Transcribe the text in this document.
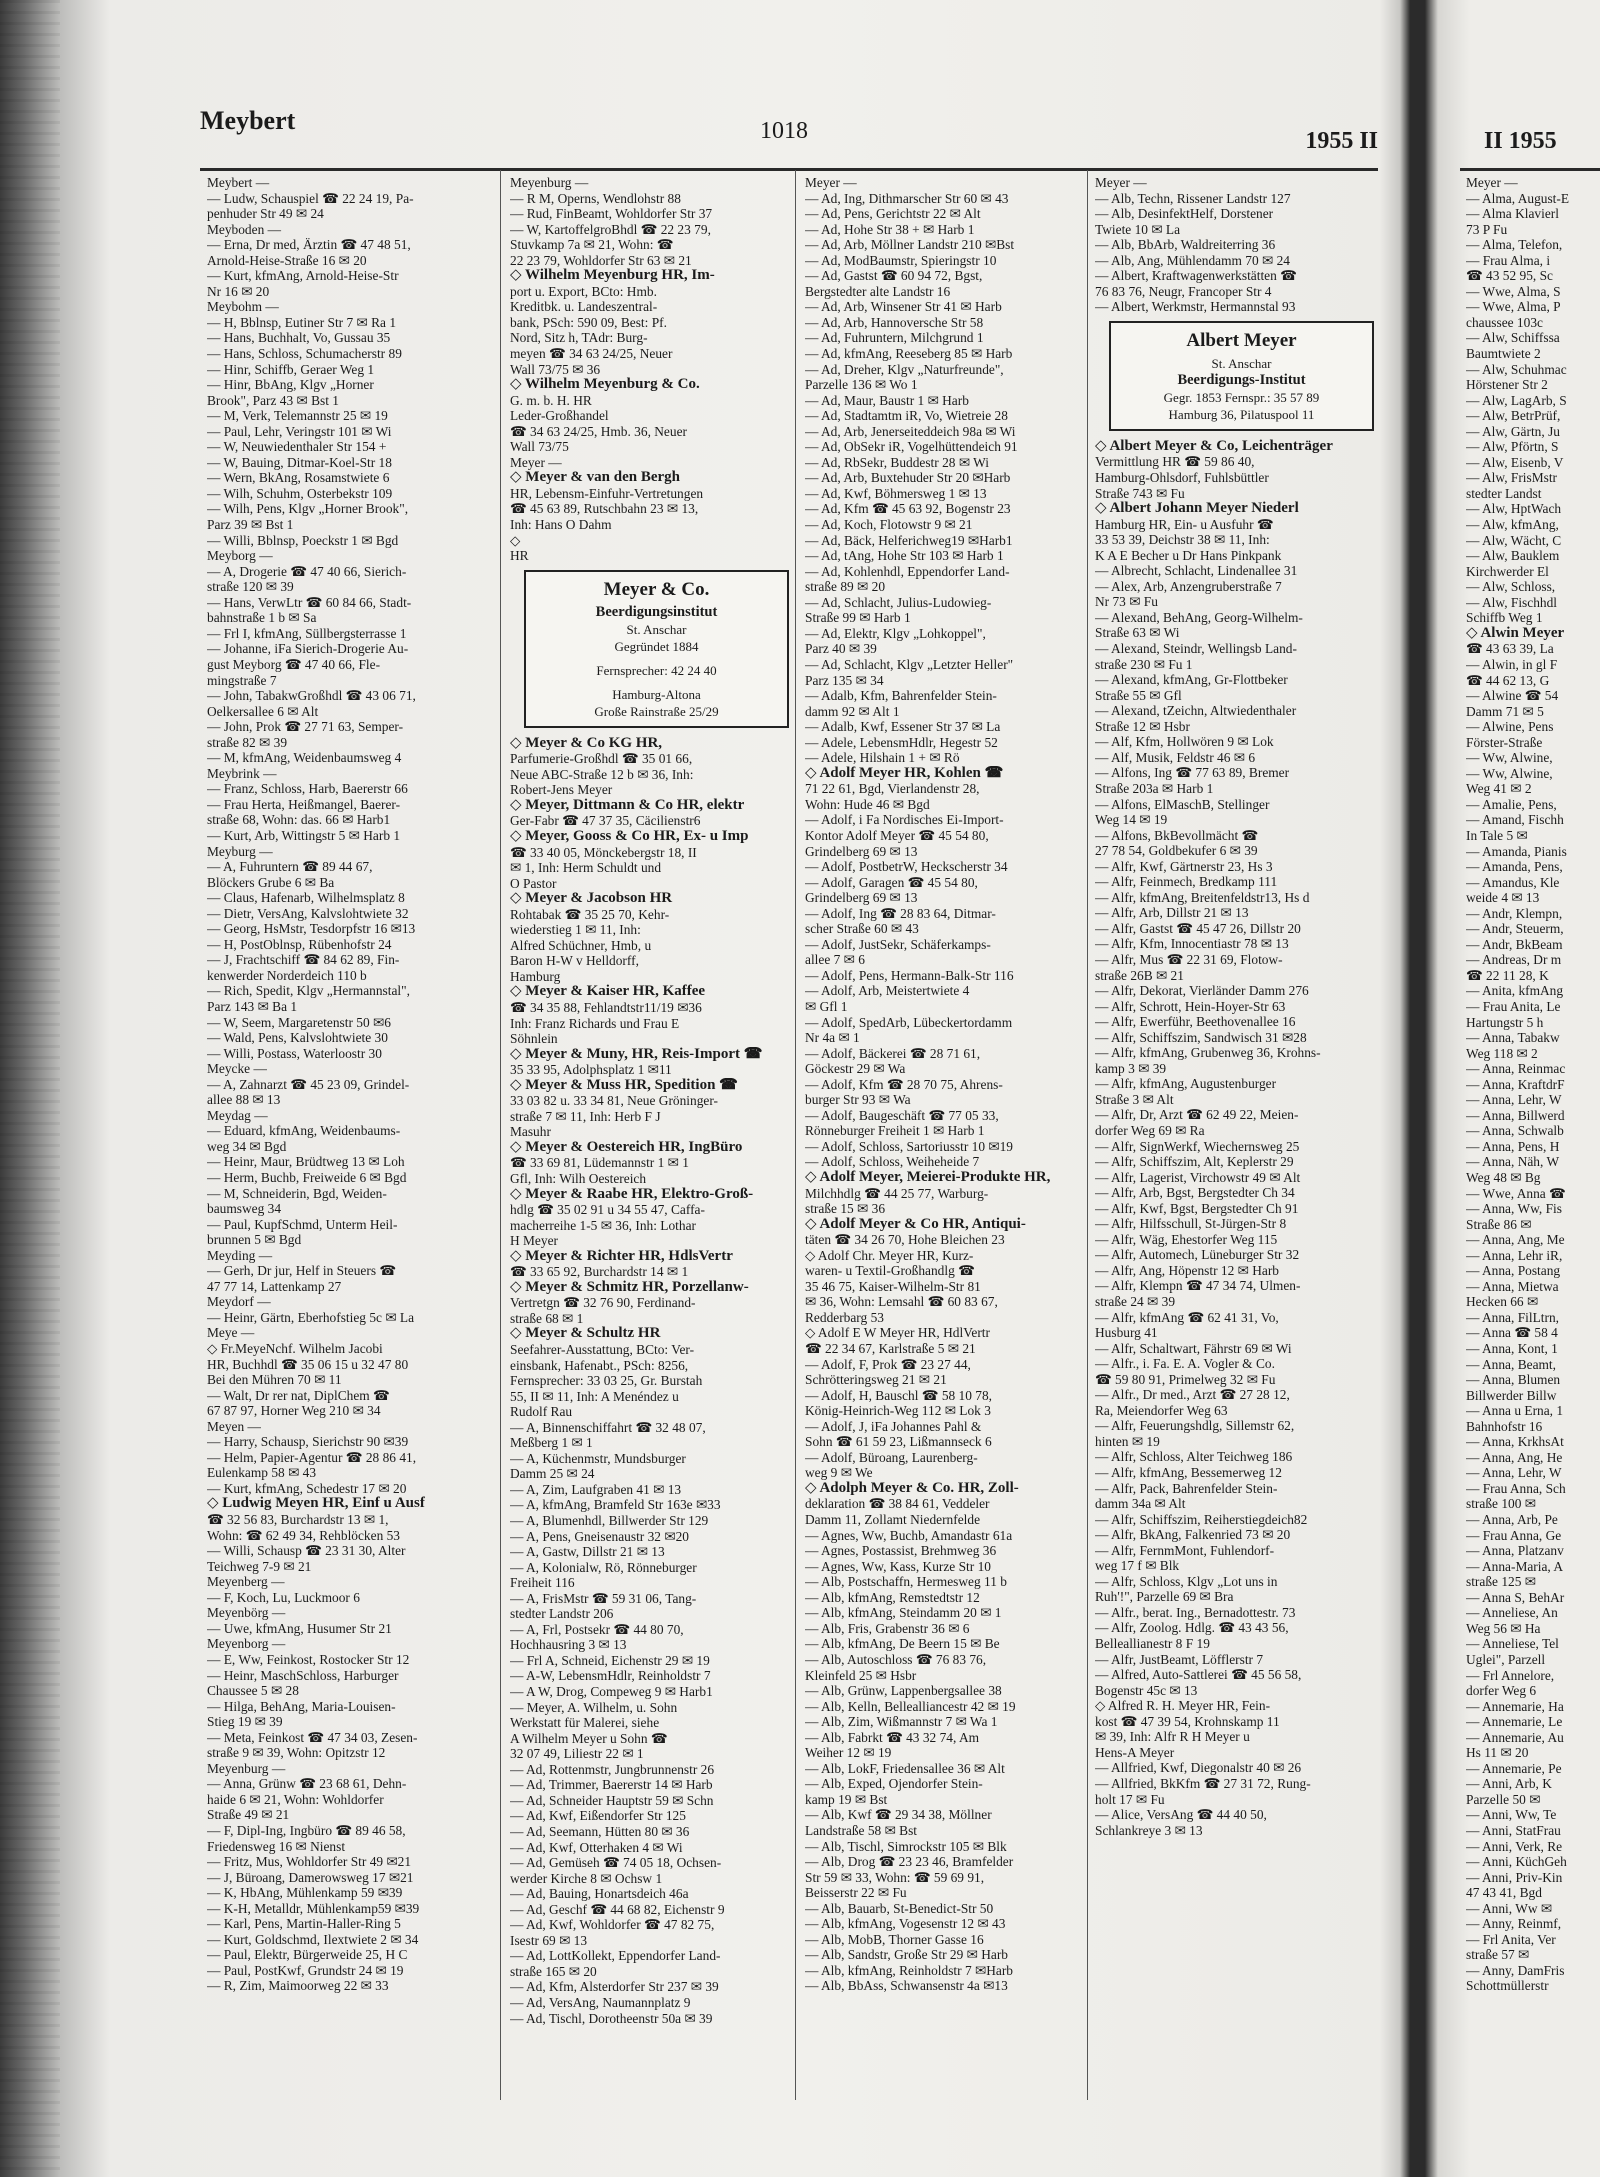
Meybert	1018	1955 II
Meybert —
— Ludw, Schauspiel ☎ 22 24 19, Pa-
penhuder Str 49 ✉ 24
Meyboden —
— Erna, Dr med, Ärztin ☎ 47 48 51,
Arnold-Heise-Straße 16 ✉ 20
— Kurt, kfmAng, Arnold-Heise-Str
Nr 16 ✉ 20
Meybohm —
— H, Bblnsp, Eutiner Str 7 ✉ Ra 1
— Hans, Buchhalt, Vo, Gussau 35
— Hans, Schloss, Schumacherstr 89
— Hinr, Schiffb, Geraer Weg 1
— Hinr, BbAng, Klgv „Horner
Brook", Parz 43 ✉ Bst 1
— M, Verk, Telemannstr 25 ✉ 19
— Paul, Lehr, Veringstr 101 ✉ Wi
— W, Neuwiedenthaler Str 154 +
— W, Bauing, Ditmar-Koel-Str 18
— Wern, BkAng, Rosamstwiete 6
— Wilh, Schuhm, Osterbekstr 109
— Wilh, Pens, Klgv „Horner Brook",
Parz 39 ✉ Bst 1
— Willi, Bblnsp, Poeckstr 1 ✉ Bgd
Meyborg —
— A, Drogerie ☎ 47 40 66, Sierich-
straße 120 ✉ 39
— Hans, VerwLtr ☎ 60 84 66, Stadt-
bahnstraße 1 b ✉ Sa
— Frl I, kfmAng, Süllbergsterrasse 1
— Johanne, iFa Sierich-Drogerie Au-
gust Meyborg ☎ 47 40 66, Fle-
mingstraße 7
— John, TabakwGroßhdl ☎ 43 06 71,
Oelkersallee 6 ✉ Alt
— John, Prok ☎ 27 71 63, Semper-
straße 82 ✉ 39
— M, kfmAng, Weidenbaumsweg 4
Meybrink —
— Franz, Schloss, Harb, Baererstr 66
— Frau Herta, Heißmangel, Baerer-
straße 68, Wohn: das. 66 ✉ Harb1
— Kurt, Arb, Wittingstr 5 ✉ Harb 1
Meyburg —
— A, Fuhruntern ☎ 89 44 67,
Blöckers Grube 6 ✉ Ba
— Claus, Hafenarb, Wilhelmsplatz 8
— Dietr, VersAng, Kalvslohtwiete 32
— Georg, HsMstr, Tesdorpfstr 16 ✉13
— H, PostOblnsp, Rübenhofstr 24
— J, Frachtschiff ☎ 84 62 89, Fin-
kenwerder Norderdeich 110 b
— Rich, Spedit, Klgv „Hermannstal",
Parz 143 ✉ Ba 1
— W, Seem, Margaretenstr 50 ✉6
— Wald, Pens, Kalvslohtwiete 30
— Willi, Postass, Waterloostr 30
Meycke —
— A, Zahnarzt ☎ 45 23 09, Grindel-
allee 88 ✉ 13
Meydag —
— Eduard, kfmAng, Weidenbaums-
weg 34 ✉ Bgd
— Heinr, Maur, Brüdtweg 13 ✉ Loh
— Herm, Buchb, Freiweide 6 ✉ Bgd
— M, Schneiderin, Bgd, Weiden-
baumsweg 34
— Paul, KupfSchmd, Unterm Heil-
brunnen 5 ✉ Bgd
Meyding —
— Gerh, Dr jur, Helf in Steuers ☎
47 77 14, Lattenkamp 27
Meydorf —
— Heinr, Gärtn, Eberhofstieg 5c ✉ La
Meye —
◇ Fr.MeyeNchf. Wilhelm Jacobi
HR, Buchhdl ☎ 35 06 15 u 32 47 80
Bei den Mühren 70 ✉ 11
— Walt, Dr rer nat, DiplChem ☎
67 87 97, Horner Weg 210 ✉ 34
Meyen —
— Harry, Schausp, Sierichstr 90 ✉39
— Helm, Papier-Agentur ☎ 28 86 41,
Eulenkamp 58 ✉ 43
— Kurt, kfmAng, Schedestr 17 ✉ 20
◇ Ludwig Meyen HR, Einf u Ausf
☎ 32 56 83, Burchardstr 13 ✉ 1,
Wohn: ☎ 62 49 34, Rehblöcken 53
— Willi, Schausp ☎ 23 31 30, Alter
Teichweg 7-9 ✉ 21
Meyenberg —
— F, Koch, Lu, Luckmoor 6
Meyenbörg —
— Uwe, kfmAng, Husumer Str 21
Meyenborg —
— E, Ww, Feinkost, Rostocker Str 12
— Heinr, MaschSchloss, Harburger
Chaussee 5 ✉ 28
— Hilga, BehAng, Maria-Louisen-
Stieg 19 ✉ 39
— Meta, Feinkost ☎ 47 34 03, Zesen-
straße 9 ✉ 39, Wohn: Opitzstr 12
Meyenburg —
— Anna, Grünw ☎ 23 68 61, Dehn-
haide 6 ✉ 21, Wohn: Wohldorfer
Straße 49 ✉ 21
— F, Dipl-Ing, Ingbüro ☎ 89 46 58,
Friedensweg 16 ✉ Nienst
— Fritz, Mus, Wohldorfer Str 49 ✉21
— J, Büroang, Damerowsweg 17 ✉21
— K, HbAng, Mühlenkamp 59 ✉39
— K-H, Metalldr, Mühlenkamp59 ✉39
— Karl, Pens, Martin-Haller-Ring 5
— Kurt, Goldschmd, Ilextwiete 2 ✉ 34
— Paul, Elektr, Bürgerweide 25, H C
— Paul, PostKwf, Grundstr 24 ✉ 19
— R, Zim, Maimoorweg 22 ✉ 33
Meyenburg —
— R M, Operns, Wendlohstr 88
— Rud, FinBeamt, Wohldorfer Str 37
— W, KartoffelgroBhdl ☎ 22 23 79,
Stuvkamp 7a ✉ 21, Wohn: ☎
22 23 79, Wohldorfer Str 63 ✉ 21
◇ Wilhelm Meyenburg HR, Im-
port u. Export, BCto: Hmb.
Kreditbk. u. Landeszentral-
bank, PSch: 590 09, Best: Pf.
Nord, Sitz h, TAdr: Burg-
meyen ☎ 34 63 24/25, Neuer
Wall 73/75 ✉ 36
◇ Wilhelm Meyenburg & Co.
G. m. b. H. HR
Leder-Großhandel
☎ 34 63 24/25, Hmb. 36, Neuer
Wall 73/75
Meyer —
◇ Meyer & van den Bergh
HR, Lebensm-Einfuhr-Vertretungen
☎ 45 63 89, Rutschbahn 23 ✉ 13,
Inh: Hans O Dahm
◇
HR
Meyer & Co.
Beerdigungsinstitut
St. Anschar
Gegründet 1884
Fernsprecher: 42 24 40
Hamburg-Altona
Große Rainstraße 25/29
◇ Meyer & Co KG HR,
Parfumerie-Großhdl ☎ 35 01 66,
Neue ABC-Straße 12 b ✉ 36, Inh:
Robert-Jens Meyer
◇ Meyer, Dittmann & Co HR, elektr
Ger-Fabr ☎ 47 37 35, Cäcilienstr6
◇ Meyer, Gooss & Co HR, Ex- u Imp
☎ 33 40 05, Mönckebergstr 18, II
✉ 1, Inh: Herm Schuldt und
O Pastor
◇ Meyer & Jacobson HR
Rohtabak ☎ 35 25 70, Kehr-
wiederstieg 1 ✉ 11, Inh:
Alfred Schüchner, Hmb, u
Baron H-W v Helldorff,
Hamburg
◇ Meyer & Kaiser HR, Kaffee
☎ 34 35 88, Fehlandtstr11/19 ✉36
Inh: Franz Richards und Frau E
Söhnlein
◇ Meyer & Muny, HR, Reis-Import ☎
35 33 95, Adolphsplatz 1 ✉11
◇ Meyer & Muss HR, Spedition ☎
33 03 82 u. 33 34 81, Neue Gröninger-
straße 7 ✉ 11, Inh: Herb F J
Masuhr
◇ Meyer & Oestereich HR, IngBüro
☎ 33 69 81, Lüdemannstr 1 ✉ 1
Gfl, Inh: Wilh Oestereich
◇ Meyer & Raabe HR, Elektro-Groß-
hdlg ☎ 35 02 91 u 34 55 47, Caffa-
macherreihe 1-5 ✉ 36, Inh: Lothar
H Meyer
◇ Meyer & Richter HR, HdlsVertr
☎ 33 65 92, Burchardstr 14 ✉ 1
◇ Meyer & Schmitz HR, Porzellanw-
Vertretgn ☎ 32 76 90, Ferdinand-
straße 68 ✉ 1
◇ Meyer & Schultz HR
Seefahrer-Ausstattung, BCto: Ver-
einsbank, Hafenabt., PSch: 8256,
Fernsprecher: 33 03 25, Gr. Burstah
55, II ✉ 11, Inh: A Menéndez u
Rudolf Rau
— A, Binnenschiffahrt ☎ 32 48 07,
Meßberg 1 ✉ 1
— A, Küchenmstr, Mundsburger
Damm 25 ✉ 24
— A, Zim, Laufgraben 41 ✉ 13
— A, kfmAng, Bramfeld Str 163e ✉33
— A, Blumenhdl, Billwerder Str 129
— A, Pens, Gneisenaustr 32 ✉20
— A, Gastw, Dillstr 21 ✉ 13
— A, Kolonialw, Rö, Rönneburger
Freiheit 116
— A, FrisMstr ☎ 59 31 06, Tang-
stedter Landstr 206
— A, Frl, Postsekr ☎ 44 80 70,
Hochhausring 3 ✉ 13
— Frl A, Schneid, Eichenstr 29 ✉ 19
— A-W, LebensmHdlr, Reinholdstr 7
— A W, Drog, Compeweg 9 ✉ Harb1
— Meyer, A. Wilhelm, u. Sohn
Werkstatt für Malerei, siehe
A Wilhelm Meyer u Sohn ☎
32 07 49, Liliestr 22 ✉ 1
— Ad, Rottenmstr, Jungbrunnenstr 26
— Ad, Trimmer, Baererstr 14 ✉ Harb
— Ad, Schneider Hauptstr 59 ✉ Schn
— Ad, Kwf, Eißendorfer Str 125
— Ad, Seemann, Hütten 80 ✉ 36
— Ad, Kwf, Otterhaken 4 ✉ Wi
— Ad, Gemüseh ☎ 74 05 18, Ochsen-
werder Kirche 8 ✉ Ochsw 1
— Ad, Bauing, Honartsdeich 46a
— Ad, Geschf ☎ 44 68 82, Eichenstr 9
— Ad, Kwf, Wohldorfer ☎ 47 82 75,
Isestr 69 ✉ 13
— Ad, LottKollekt, Eppendorfer Land-
straße 165 ✉ 20
— Ad, Kfm, Alsterdorfer Str 237 ✉ 39
— Ad, VersAng, Naumannplatz 9
— Ad, Tischl, Dorotheenstr 50a ✉ 39
Meyer —
— Ad, Ing, Dithmarscher Str 60 ✉ 43
— Ad, Pens, Gerichtstr 22 ✉ Alt
— Ad, Hohe Str 38 + ✉ Harb 1
— Ad, Arb, Möllner Landstr 210 ✉Bst
— Ad, ModBaumstr, Spieringstr 10
— Ad, Gastst ☎ 60 94 72, Bgst,
Bergstedter alte Landstr 16
— Ad, Arb, Winsener Str 41 ✉ Harb
— Ad, Arb, Hannoversche Str 58
— Ad, Fuhruntern, Milchgrund 1
— Ad, kfmAng, Reeseberg 85 ✉ Harb
— Ad, Dreher, Klgv „Naturfreunde",
Parzelle 136 ✉ Wo 1
— Ad, Maur, Baustr 1 ✉ Harb
— Ad, Stadtamtm iR, Vo, Wietreie 28
— Ad, Arb, Jenerseiteddeich 98a ✉ Wi
— Ad, ObSekr iR, Vogelhüttendeich 91
— Ad, RbSekr, Buddestr 28 ✉ Wi
— Ad, Arb, Buxtehuder Str 20 ✉Harb
— Ad, Kwf, Böhmersweg 1 ✉ 13
— Ad, Kfm ☎ 45 63 92, Bogenstr 23
— Ad, Koch, Flotowstr 9 ✉ 21
— Ad, Bäck, Helferichweg19 ✉Harb1
— Ad, tAng, Hohe Str 103 ✉ Harb 1
— Ad, Kohlenhdl, Eppendorfer Land-
straße 89 ✉ 20
— Ad, Schlacht, Julius-Ludowieg-
Straße 99 ✉ Harb 1
— Ad, Elektr, Klgv „Lohkoppel",
Parz 40 ✉ 39
— Ad, Schlacht, Klgv „Letzter Heller"
Parz 135 ✉ 34
— Adalb, Kfm, Bahrenfelder Stein-
damm 92 ✉ Alt 1
— Adalb, Kwf, Essener Str 37 ✉ La
— Adele, LebensmHdlr, Hegestr 52
— Adele, Hilshain 1 + ✉ Rö
◇ Adolf Meyer HR, Kohlen ☎
71 22 61, Bgd, Vierlandenstr 28,
Wohn: Hude 46 ✉ Bgd
— Adolf, i Fa Nordisches Ei-Import-
Kontor Adolf Meyer ☎ 45 54 80,
Grindelberg 69 ✉ 13
— Adolf, PostbetrW, Heckscherstr 34
— Adolf, Garagen ☎ 45 54 80,
Grindelberg 69 ✉ 13
— Adolf, Ing ☎ 28 83 64, Ditmar-
scher Straße 60 ✉ 43
— Adolf, JustSekr, Schäferkamps-
allee 7 ✉ 6
— Adolf, Pens, Hermann-Balk-Str 116
— Adolf, Arb, Meistertwiete 4
✉ Gfl 1
— Adolf, SpedArb, Lübeckertordamm
Nr 4a ✉ 1
— Adolf, Bäckerei ☎ 28 71 61,
Göckestr 29 ✉ Wa
— Adolf, Kfm ☎ 28 70 75, Ahrens-
burger Str 93 ✉ Wa
— Adolf, Baugeschäft ☎ 77 05 33,
Rönneburger Freiheit 1 ✉ Harb 1
— Adolf, Schloss, Sartoriusstr 10 ✉19
— Adolf, Schloss, Weiheheide 7
◇ Adolf Meyer, Meierei-Produkte HR,
Milchhdlg ☎ 44 25 77, Warburg-
straße 15 ✉ 36
◇ Adolf Meyer & Co HR, Antiqui-
täten ☎ 34 26 70, Hohe Bleichen 23
◇ Adolf Chr. Meyer HR, Kurz-
waren- u Textil-Großhandlg ☎
35 46 75, Kaiser-Wilhelm-Str 81
✉ 36, Wohn: Lemsahl ☎ 60 83 67,
Redderbarg 53
◇ Adolf E W Meyer HR, HdlVertr
☎ 22 34 67, Karlstraße 5 ✉ 21
— Adolf, F, Prok ☎ 23 27 44,
Schrötteringsweg 21 ✉ 21
— Adolf, H, Bauschl ☎ 58 10 78,
König-Heinrich-Weg 112 ✉ Lok 3
— Adolf, J, iFa Johannes Pahl &
Sohn ☎ 61 59 23, Lißmannseck 6
— Adolf, Büroang, Laurenberg-
weg 9 ✉ We
◇ Adolph Meyer & Co. HR, Zoll-
deklaration ☎ 38 84 61, Veddeler
Damm 11, Zollamt Niedernfelde
— Agnes, Ww, Buchb, Amandastr 61a
— Agnes, Postassist, Brehmweg 36
— Agnes, Ww, Kass, Kurze Str 10
— Alb, Postschaffn, Hermesweg 11 b
— Alb, kfmAng, Remstedtstr 12
— Alb, kfmAng, Steindamm 20 ✉ 1
— Alb, Fris, Grabenstr 36 ✉ 6
— Alb, kfmAng, De Beern 15 ✉ Be
— Alb, Autoschloss ☎ 76 83 76,
Kleinfeld 25 ✉ Hsbr
— Alb, Grünw, Lappenbergsallee 38
— Alb, Kelln, Bellealliancestr 42 ✉ 19
— Alb, Zim, Wißmannstr 7 ✉ Wa 1
— Alb, Fabrkt ☎ 43 32 74, Am
Weiher 12 ✉ 19
— Alb, LokF, Friedensallee 36 ✉ Alt
— Alb, Exped, Ojendorfer Stein-
kamp 19 ✉ Bst
— Alb, Kwf ☎ 29 34 38, Möllner
Landstraße 58 ✉ Bst
— Alb, Tischl, Simrockstr 105 ✉ Blk
— Alb, Drog ☎ 23 23 46, Bramfelder
Str 59 ✉ 33, Wohn: ☎ 59 69 91,
Beisserstr 22 ✉ Fu
— Alb, Bauarb, St-Benedict-Str 50
— Alb, kfmAng, Vogesenstr 12 ✉ 43
— Alb, MobB, Thorner Gasse 16
— Alb, Sandstr, Große Str 29 ✉ Harb
— Alb, kfmAng, Reinholdstr 7 ✉Harb
— Alb, BbAss, Schwansenstr 4a ✉13
Meyer —
— Alb, Techn, Rissener Landstr 127
— Alb, DesinfektHelf, Dorstener
Twiete 10 ✉ La
— Alb, BbArb, Waldreiterring 36
— Alb, Ang, Mühlendamm 70 ✉ 24
— Albert, Kraftwagenwerkstätten ☎
76 83 76, Neugr, Francoper Str 4
— Albert, Werkmstr, Hermannstal 93
Albert Meyer
St. Anschar
Beerdigungs-Institut
Gegr. 1853 Fernspr.: 35 57 89
Hamburg 36, Pilatuspool 11
◇ Albert Meyer & Co, Leichenträger
Vermittlung HR ☎ 59 86 40,
Hamburg-Ohlsdorf, Fuhlsbüttler
Straße 743 ✉ Fu
◇ Albert Johann Meyer Niederl
Hamburg HR, Ein- u Ausfuhr ☎
33 53 39, Deichstr 38 ✉ 11, Inh:
K A E Becher u Dr Hans Pinkpank
— Albrecht, Schlacht, Lindenallee 31
— Alex, Arb, Anzengruberstraße 7
Nr 73 ✉ Fu
— Alexand, BehAng, Georg-Wilhelm-
Straße 63 ✉ Wi
— Alexand, Steindr, Wellingsb Land-
straße 230 ✉ Fu 1
— Alexand, kfmAng, Gr-Flottbeker
Straße 55 ✉ Gfl
— Alexand, tZeichn, Altwiedenthaler
Straße 12 ✉ Hsbr
— Alf, Kfm, Hollwören 9 ✉ Lok
— Alf, Musik, Feldstr 46 ✉ 6
— Alfons, Ing ☎ 77 63 89, Bremer
Straße 203a ✉ Harb 1
— Alfons, ElMaschB, Stellinger
Weg 14 ✉ 19
— Alfons, BkBevollmächt ☎
27 78 54, Goldbekufer 6 ✉ 39
— Alfr, Kwf, Gärtnerstr 23, Hs 3
— Alfr, Feinmech, Bredkamp 111
— Alfr, kfmAng, Breitenfeldstr13, Hs d
— Alfr, Arb, Dillstr 21 ✉ 13
— Alfr, Gastst ☎ 45 47 26, Dillstr 20
— Alfr, Kfm, Innocentiastr 78 ✉ 13
— Alfr, Mus ☎ 22 31 69, Flotow-
straße 26B ✉ 21
— Alfr, Dekorat, Vierländer Damm 276
— Alfr, Schrott, Hein-Hoyer-Str 63
— Alfr, Ewerführ, Beethovenallee 16
— Alfr, Schiffszim, Sandwisch 31 ✉28
— Alfr, kfmAng, Grubenweg 36, Krohns-
kamp 3 ✉ 39
— Alfr, kfmAng, Augustenburger
Straße 3 ✉ Alt
— Alfr, Dr, Arzt ☎ 62 49 22, Meien-
dorfer Weg 69 ✉ Ra
— Alfr, SignWerkf, Wiechernsweg 25
— Alfr, Schiffszim, Alt, Keplerstr 29
— Alfr, Lagerist, Virchowstr 49 ✉ Alt
— Alfr, Arb, Bgst, Bergstedter Ch 34
— Alfr, Kwf, Bgst, Bergstedter Ch 91
— Alfr, Hilfsschull, St-Jürgen-Str 8
— Alfr, Wäg, Ehestorfer Weg 115
— Alfr, Automech, Lüneburger Str 32
— Alfr, Ang, Höpenstr 12 ✉ Harb
— Alfr, Klempn ☎ 47 34 74, Ulmen-
straße 24 ✉ 39
— Alfr, kfmAng ☎ 62 41 31, Vo,
Husburg 41
— Alfr, Schaltwart, Fährstr 69 ✉ Wi
— Alfr., i. Fa. E. A. Vogler & Co.
☎ 59 80 91, Primelweg 32 ✉ Fu
— Alfr., Dr med., Arzt ☎ 27 28 12,
Ra, Meiendorfer Weg 63
— Alfr, Feuerungshdlg, Sillemstr 62,
hinten ✉ 19
— Alfr, Schloss, Alter Teichweg 186
— Alfr, kfmAng, Bessemerweg 12
— Alfr, Pack, Bahrenfelder Stein-
damm 34a ✉ Alt
— Alfr, Schiffszim, Reiherstiegdeich82
— Alfr, BkAng, Falkenried 73 ✉ 20
— Alfr, FernmMont, Fuhlendorf-
weg 17 f ✉ Blk
— Alfr, Schloss, Klgv „Lot uns in
Ruh'!", Parzelle 69 ✉ Bra
— Alfr., berat. Ing., Bernadottestr. 73
— Alfr, Zoolog. Hdlg. ☎ 43 43 56,
Belleallianestr 8 F 19
— Alfr, JustBeamt, Löfflerstr 7
— Alfred, Auto-Sattlerei ☎ 45 56 58,
Bogenstr 45c ✉ 13
◇ Alfred R. H. Meyer HR, Fein-
kost ☎ 47 39 54, Krohnskamp 11
✉ 39, Inh: Alfr R H Meyer u
Hens-A Meyer
— Allfried, Kwf, Diegonalstr 40 ✉ 26
— Allfried, BkKfm ☎ 27 31 72, Rung-
holt 17 ✉ Fu
— Alice, VersAng ☎ 44 40 50,
Schlankreye 3 ✉ 13
II 1955
Meyer —
— Alma, August-E
— Alma Klavierl
73 P Fu
— Alma, Telefon,
— Frau Alma, i
☎ 43 52 95, Sc
— Wwe, Alma, S
— Wwe, Alma, P
chaussee 103c
— Alw, Schiffssa
Baumtwiete 2
— Alw, Schuhmac
Hörstener Str 2
— Alw, LagArb, S
— Alw, BetrPrüf,
— Alw, Gärtn, Ju
— Alw, Pförtn, S
— Alw, Eisenb, V
— Alw, FrisMstr
stedter Landst
— Alw, HptWach
— Alw, kfmAng,
— Alw, Wächt, C
— Alw, Bauklem
Kirchwerder El
— Alw, Schloss,
— Alw, Fischhdl
Schiffb Weg 1
◇ Alwin Meyer
☎ 43 63 39, La
— Alwin, in gl F
☎ 44 62 13, G
— Alwine ☎ 54
Damm 71 ✉ 5
— Alwine, Pens
Förster-Straße
— Ww, Alwine,
— Ww, Alwine,
Weg 41 ✉ 2
— Amalie, Pens,
— Amand, Fischh
In Tale 5 ✉
— Amanda, Pianis
— Amanda, Pens,
— Amandus, Kle
weide 4 ✉ 13
— Andr, Klempn,
— Andr, Steuerm,
— Andr, BkBeam
— Andreas, Dr m
☎ 22 11 28, K
— Anita, kfmAng
— Frau Anita, Le
Hartungstr 5 h
— Anna, Tabakw
Weg 118 ✉ 2
— Anna, Reinmac
— Anna, KraftdrF
— Anna, Lehr, W
— Anna, Billwerd
— Anna, Schwalb
— Anna, Pens, H
— Anna, Näh, W
Weg 48 ✉ Bg
— Wwe, Anna ☎
— Anna, Ww, Fis
Straße 86 ✉
— Anna, Ang, Me
— Anna, Lehr iR,
— Anna, Postang
— Anna, Mietwa
Hecken 66 ✉
— Anna, FilLtrn,
— Anna ☎ 58 4
— Anna, Kont, 1
— Anna, Beamt,
— Anna, Blumen
Billwerder Billw
— Anna u Erna, 1
Bahnhofstr 16
— Anna, KrkhsAt
— Anna, Ang, He
— Anna, Lehr, W
— Frau Anna, Sch
straße 100 ✉
— Anna, Arb, Pe
— Frau Anna, Ge
— Anna, Platzanv
— Anna-Maria, A
straße 125 ✉
— Anna S, BehAr
— Anneliese, An
Weg 56 ✉ Ha
— Anneliese, Tel
Uglei", Parzell
— Frl Annelore,
dorfer Weg 6
— Annemarie, Ha
— Annemarie, Le
— Annemarie, Au
Hs 11 ✉ 20
— Annemarie, Pe
— Anni, Arb, K
Parzelle 50 ✉
— Anni, Ww, Te
— Anni, StatFrau
— Anni, Verk, Re
— Anni, KüchGeh
— Anni, Priv-Kin
47 43 41, Bgd
— Anni, Ww ✉
— Anny, Reinmf,
— Frl Anita, Ver
straße 57 ✉
— Anny, DamFris
Schottmüllerstr
